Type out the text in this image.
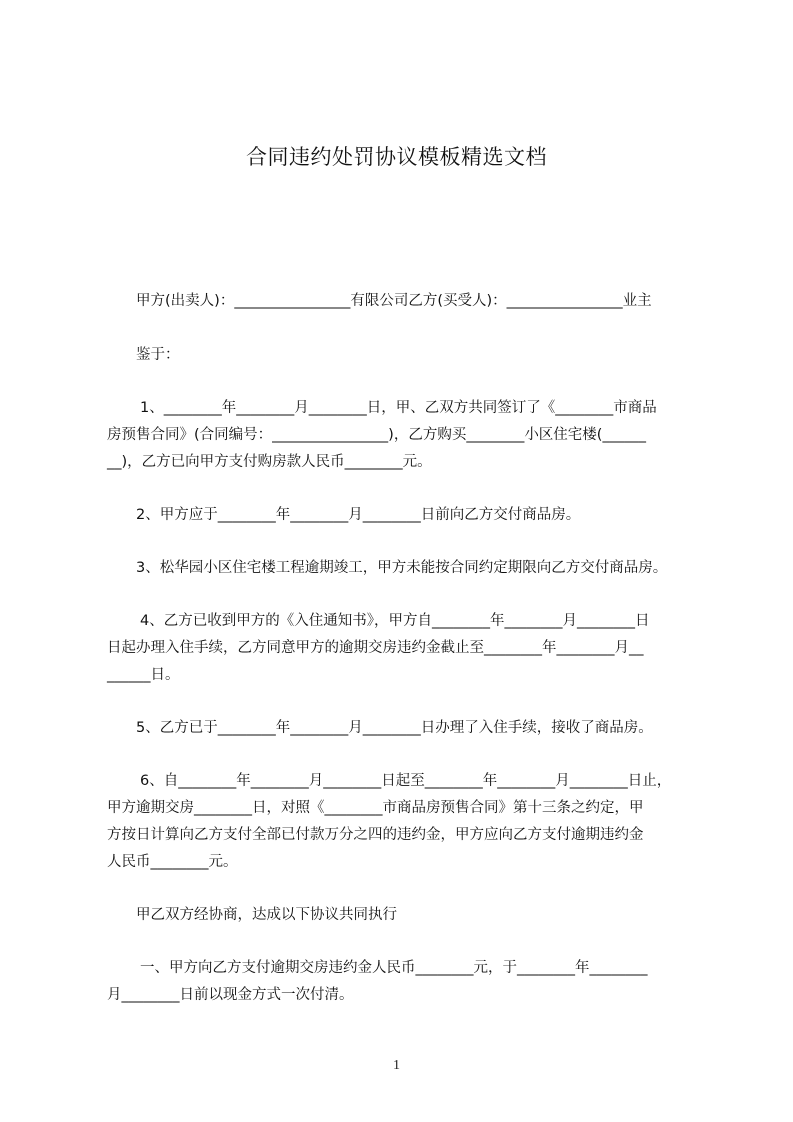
合同违约处罚协议模板精选文档
甲方(出卖人)：________________有限公司乙方(买受人)：________________业主
鉴于：
1、________年________月________日，甲、乙双方共同签订了《________市商品
房预售合同》(合同编号：________________)，乙方购买________小区住宅楼(______
__)，乙方已向甲方支付购房款人民币________元。
2、甲方应于________年________月________日前向乙方交付商品房。
3、松华园小区住宅楼工程逾期竣工，甲方未能按合同约定期限向乙方交付商品房。
4、乙方已收到甲方的《入住通知书》，甲方自________年________月________日
日起办理入住手续，乙方同意甲方的逾期交房违约金截止至________年________月__
______日。
5、乙方已于________年________月________日办理了入住手续，接收了商品房。
6、自________年________月________日起至________年________月________日止，
甲方逾期交房________日，对照《________市商品房预售合同》第十三条之约定，甲
方按日计算向乙方支付全部已付款万分之四的违约金，甲方应向乙方支付逾期违约金
人民币________元。
甲乙双方经协商，达成以下协议共同执行
一、甲方向乙方支付逾期交房违约金人民币________元，于________年________
月________日前以现金方式一次付清。
1
